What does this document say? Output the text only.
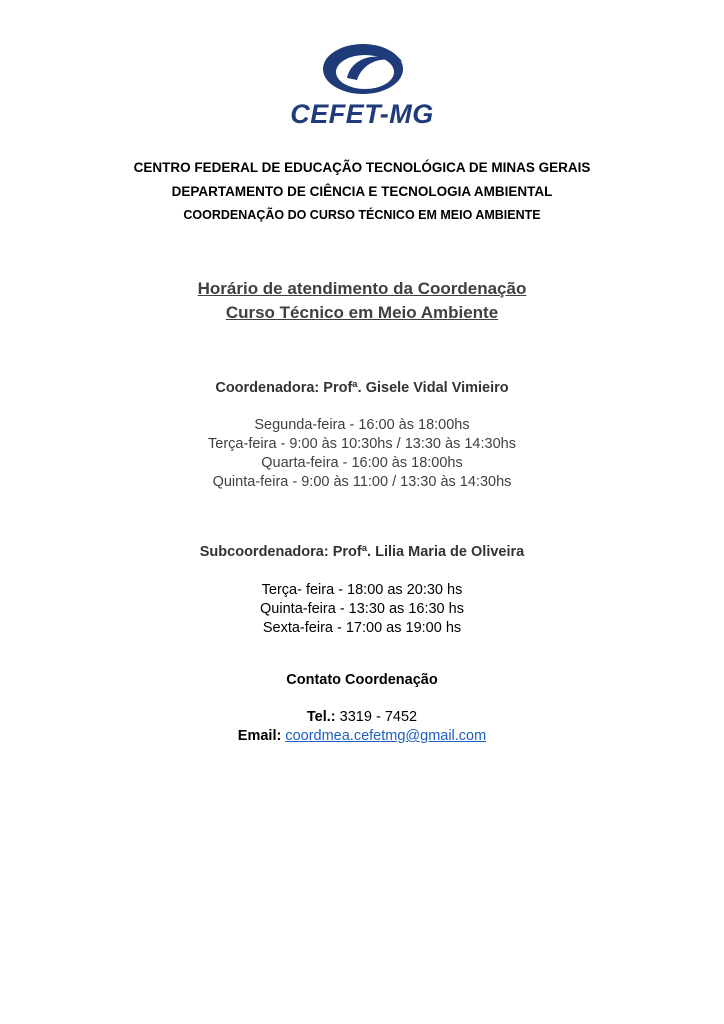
CEFET-MG
CENTRO FEDERAL DE EDUCAÇÃO TECNOLÓGICA DE MINAS GERAIS
DEPARTAMENTO DE CIÊNCIA E TECNOLOGIA AMBIENTAL
COORDENAÇÃO DO CURSO TÉCNICO EM MEIO AMBIENTE
Horário de atendimento da Coordenação
Curso Técnico em Meio Ambiente
Coordenadora: Profª. Gisele Vidal Vimieiro
Segunda-feira - 16:00 às 18:00hs
Terça-feira - 9:00 às 10:30hs / 13:30 às 14:30hs
Quarta-feira - 16:00 às 18:00hs
Quinta-feira - 9:00 às 11:00 / 13:30 às 14:30hs
Subcoordenadora: Profª. Lilia Maria de Oliveira
Terça- feira - 18:00 as 20:30 hs
Quinta-feira - 13:30 as 16:30 hs
Sexta-feira - 17:00 as 19:00 hs
Contato Coordenação
Tel.: 3319 - 7452
Email: coordmea.cefetmg@gmail.com
